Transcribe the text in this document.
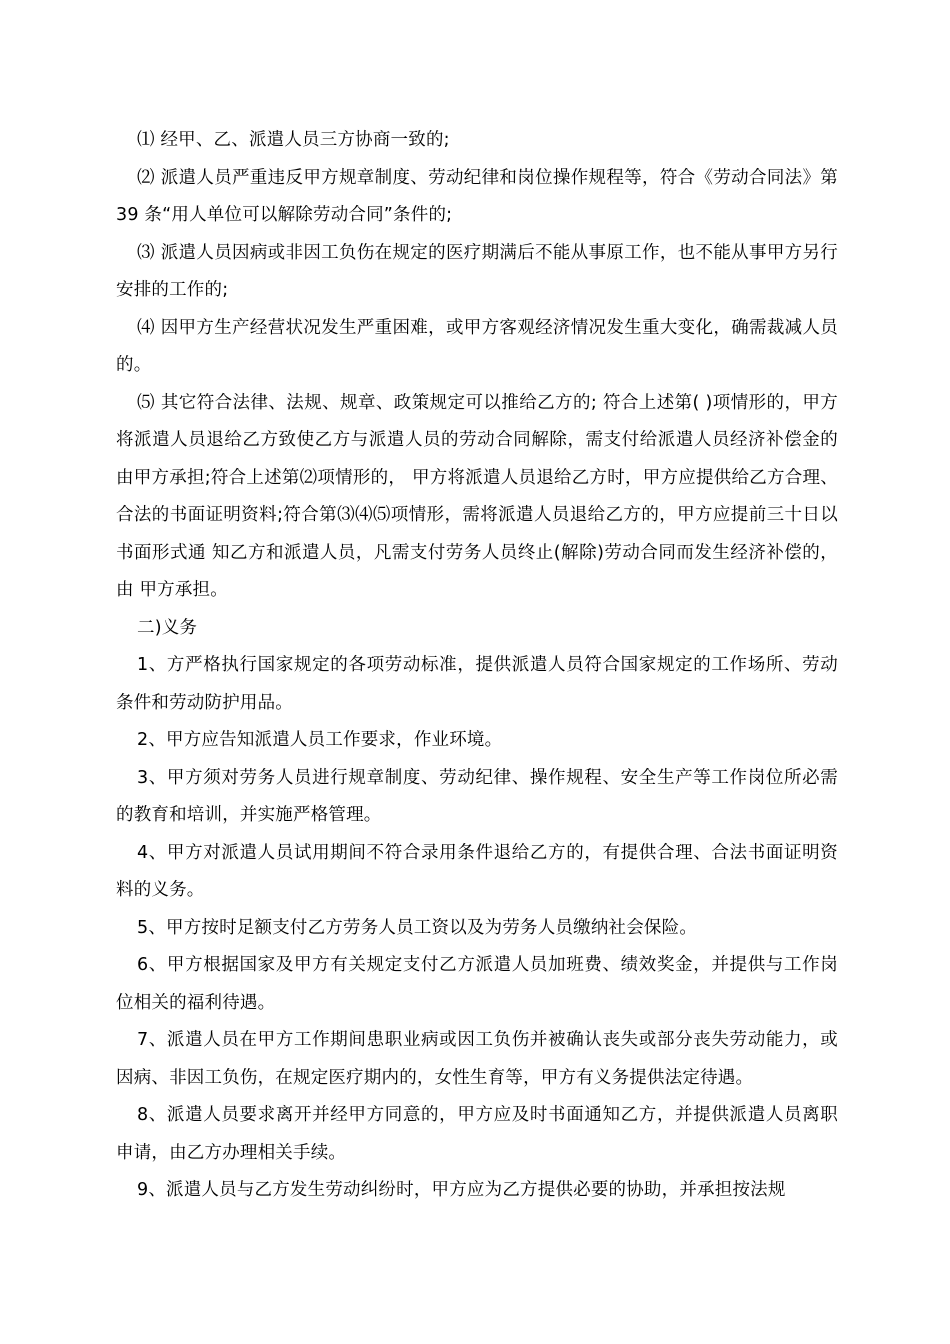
⑴ 经甲、乙、派遣人员三方协商一致的;

⑵ 派遣人员严重违反甲方规章制度、劳动纪律和岗位操作规程等，符合《劳动合同法》第 39 条“用人单位可以解除劳动合同”条件的;

⑶ 派遣人员因病或非因工负伤在规定的医疗期满后不能从事原工作，也不能从事甲方另行安排的工作的;

⑷ 因甲方生产经营状况发生严重困难，或甲方客观经济情况发生重大变化，确需裁减人员的。

⑸ 其它符合法律、法规、规章、政策规定可以推给乙方的; 符合上述第( )项情形的，甲方将派遣人员退给乙方致使乙方与派遣人员的劳动合同解除，需支付给派遣人员经济补偿金的由甲方承担;符合上述第⑵项情形的， 甲方将派遣人员退给乙方时，甲方应提供给乙方合理、合法的书面证明资料;符合第⑶⑷⑸项情形，需将派遣人员退给乙方的，甲方应提前三十日以书面形式通 知乙方和派遣人员，凡需支付劳务人员终止(解除)劳动合同而发生经济补偿的，由 甲方承担。

二)义务

1、方严格执行国家规定的各项劳动标准，提供派遣人员符合国家规定的工作场所、劳动条件和劳动防护用品。

2、甲方应告知派遣人员工作要求，作业环境。

3、甲方须对劳务人员进行规章制度、劳动纪律、操作规程、安全生产等工作岗位所必需的教育和培训，并实施严格管理。

4、甲方对派遣人员试用期间不符合录用条件退给乙方的，有提供合理、合法书面证明资料的义务。

5、甲方按时足额支付乙方劳务人员工资以及为劳务人员缴纳社会保险。

6、甲方根据国家及甲方有关规定支付乙方派遣人员加班费、绩效奖金，并提供与工作岗位相关的福利待遇。

7、派遣人员在甲方工作期间患职业病或因工负伤并被确认丧失或部分丧失劳动能力，或因病、非因工负伤，在规定医疗期内的，女性生育等，甲方有义务提供法定待遇。

8、派遣人员要求离开并经甲方同意的，甲方应及时书面通知乙方，并提供派遣人员离职申请，由乙方办理相关手续。

9、派遣人员与乙方发生劳动纠纷时，甲方应为乙方提供必要的协助，并承担按法规
